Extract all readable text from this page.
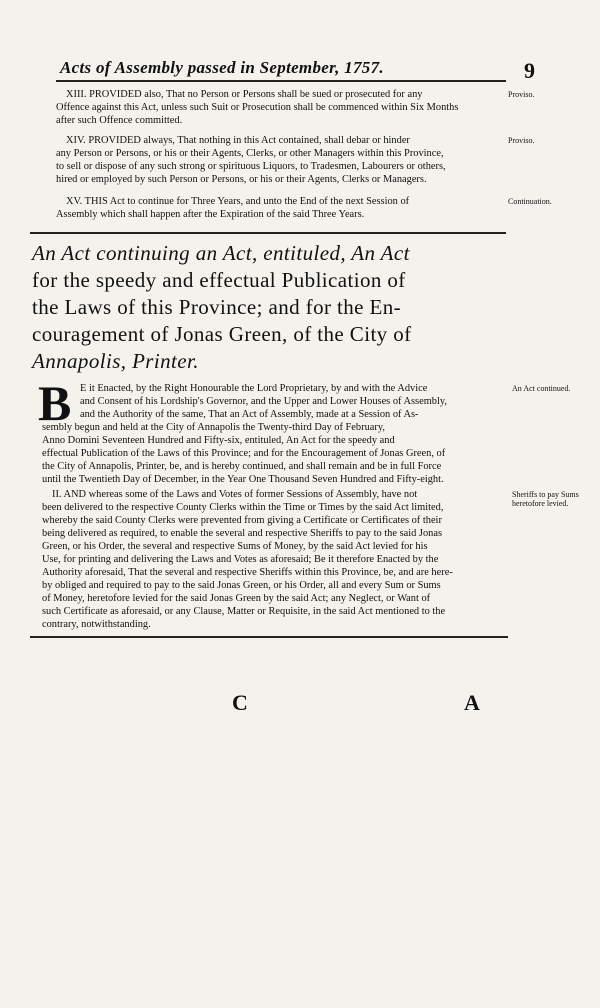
Acts of Assembly passed in September, 1757.	9
XIII. PROVIDED also, That no Person or Persons shall be sued or prosecuted for any
Offence against this Act, unless such Suit or Prosecution shall be commenced within Six Months
after such Offence committed.
Proviso.
XIV. PROVIDED always, That nothing in this Act contained, shall debar or hinder
any Person or Persons, or his or their Agents, Clerks, or other Managers within this Province,
to sell or dispose of any such strong or spirituous Liquors, to Tradesmen, Labourers or others,
hired or employed by such Person or Persons, or his or their Agents, Clerks or Managers.
Proviso.
XV. THIS Act to continue for Three Years, and unto the End of the next Session of
Assembly which shall happen after the Expiration of the said Three Years.
Continuation.
An Act continuing an Act, entituled, An Act
for the speedy and effectual Publication of
the Laws of this Province; and for the En-
couragement of Jonas Green, of the City of
Annapolis, Printer.
B E it Enacted, by the Right Honourable the Lord Proprietary, by and with the Advice
and Consent of his Lordship's Governor, and the Upper and Lower Houses of Assembly,
and the Authority of the same, That an Act of Assembly, made at a Session of As-
sembly begun and held at the City of Annapolis the Twenty-third Day of February,
Anno Domini Seventeen Hundred and Fifty-six, entituled, An Act for the speedy and
effectual Publication of the Laws of this Province; and for the Encouragement of Jonas Green, of
the City of Annapolis, Printer, be, and is hereby continued, and shall remain and be in full Force
until the Twentieth Day of December, in the Year One Thousand Seven Hundred and Fifty-eight.
An Act continued.
II. AND whereas some of the Laws and Votes of former Sessions of Assembly, have not
been delivered to the respective County Clerks within the Time or Times by the said Act limited,
whereby the said County Clerks were prevented from giving a Certificate or Certificates of their
being delivered as required, to enable the several and respective Sheriffs to pay to the said Jonas
Green, or his Order, the several and respective Sums of Money, by the said Act levied for his
Use, for printing and delivering the Laws and Votes as aforesaid; Be it therefore Enacted by the
Authority aforesaid, That the several and respective Sheriffs within this Province, be, and are here-
by obliged and required to pay to the said Jonas Green, or his Order, all and every Sum or Sums
of Money, heretofore levied for the said Jonas Green by the said Act; any Neglect, or Want of
such Certificate as aforesaid, or any Clause, Matter or Requisite, in the said Act mentioned to the
contrary, notwithstanding.
Sheriffs to pay Sums heretofore levied.
C	A
